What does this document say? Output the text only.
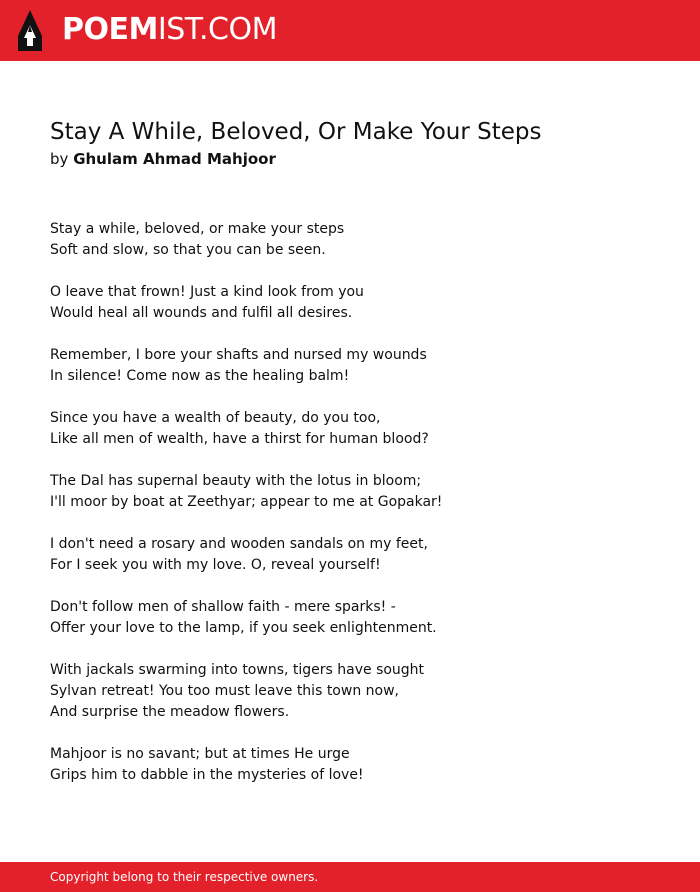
POEMIST.COM
Stay A While, Beloved, Or Make Your Steps
by Ghulam Ahmad Mahjoor
Stay a while, beloved, or make your steps
Soft and slow, so that you can be seen.
O leave that frown! Just a kind look from you
Would heal all wounds and fulfil all desires.
Remember, I bore your shafts and nursed my wounds
In silence! Come now as the healing balm!
Since you have a wealth of beauty, do you too,
Like all men of wealth, have a thirst for human blood?
The Dal has supernal beauty with the lotus in bloom;
I'll moor by boat at Zeethyar; appear to me at Gopakar!
I don't need a rosary and wooden sandals on my feet,
For I seek you with my love. O, reveal yourself!
Don't follow men of shallow faith - mere sparks! -
Offer your love to the lamp, if you seek enlightenment.
With jackals swarming into towns, tigers have sought
Sylvan retreat! You too must leave this town now,
And surprise the meadow flowers.
Mahjoor is no savant; but at times He urge
Grips him to dabble in the mysteries of love!
Copyright belong to their respective owners.
